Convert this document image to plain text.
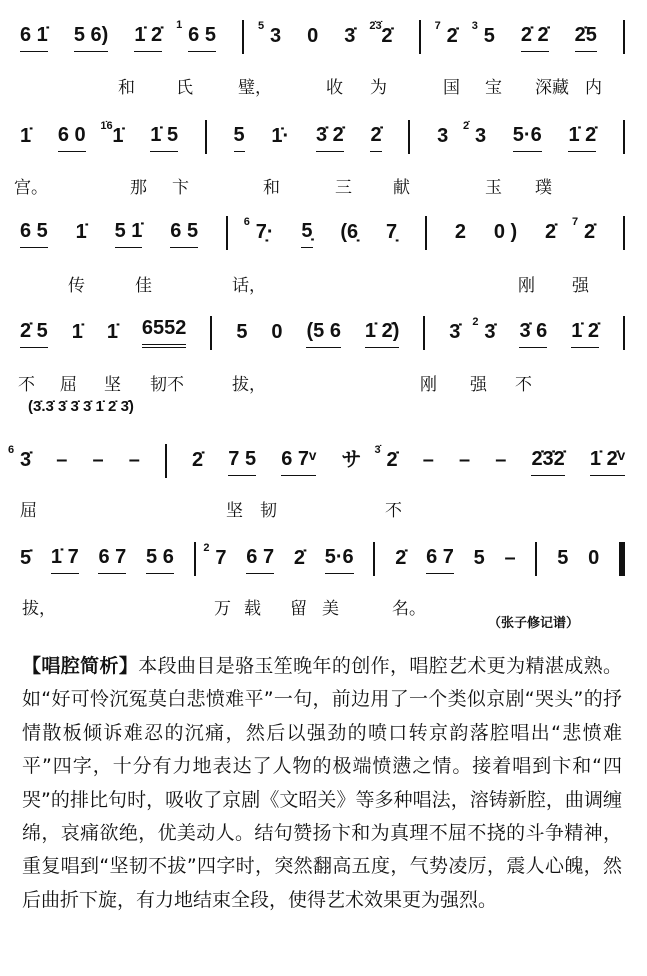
6 1̇ 5 6) 1̇ 2̇ 6 5
1	3
5 0 3̇ 2̇
2̇3̇	2̇
7 5
3 2̇ 2̇ 2̇5
和 氏	璧，	收 为	国 宝 深藏 内
1̇ 6 0 1̇
1̇6 1̇ 5	5 1̇· 3̇ 2̇ 2̇	3 3
2̇ 5·6 1̇ 2̇
宫。	那 卞	和	三 献	玉 璞
6 5 1̇ 5 1̇ 6 5	7̣·
6	5̣ (6̣ 7̣	2 0 ) 2̇ 2̇
7
传	佳	话，	刚 强
2̇ 5 1̇ 1̇ 6552 5 0 (5 6 1̇ 2̇) 3̇ 3̇
2 3̇ 6 1̇ 2̇
不 屈 坚 韧不	拔，	刚 强 不
3̇
6 – – –	2̇ 7 5 6 7ᵛ サ 2̇
3̇ – – – 2̇3̇2̇ 1̇ 2̇ᵛ
屈	坚 韧	不
5̇ 1̇ 7 6 7 5 6 7
2 6 7 2̇ 5·6 2̇ 6 7 5 – 5 0
拔，	万 载 留 美	名。
(3̇.3̇ 3̇ 3̇ 3̇ 1̇ 2̇ 3̇)
（张子修记谱）
【唱腔简析】本段曲目是骆玉笙晚年的创作，唱腔艺术更为精湛成熟。如“好可怜沉冤莫白悲愤难平”一句，前边用了一个类似京剧“哭头”的抒情散板倾诉难忍的沉痛，然后以强劲的喷口转京韵落腔唱出“悲愤难平”四字，十分有力地表达了人物的极端愤懑之情。接着唱到卞和“四哭”的排比句时，吸收了京剧《文昭关》等多种唱法，溶铸新腔，曲调缠绵，哀痛欲绝，优美动人。结句赞扬卞和为真理不屈不挠的斗争精神，重复唱到“坚韧不拔”四字时，突然翻高五度，气势凌厉，震人心魄，然后曲折下旋，有力地结束全段，使得艺术效果更为强烈。
